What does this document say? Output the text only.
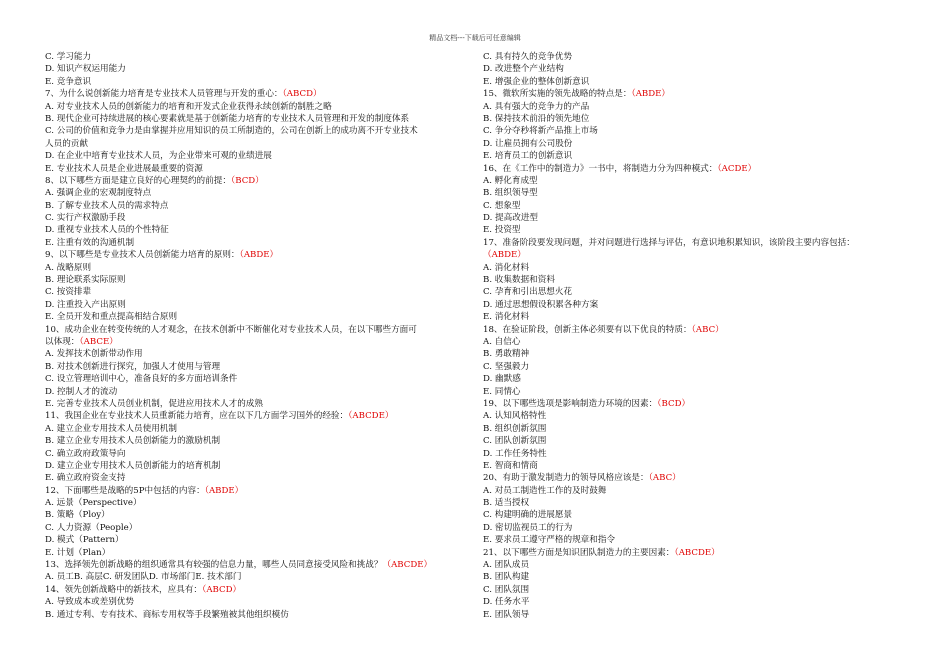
精品文档---下载后可任意编辑
C. 学习能力
D. 知识产权运用能力
E. 竞争意识
7、为什么说创新能力培育是专业技术人员管理与开发的重心：（ABCD）
A. 对专业技术人员的创新能力的培育和开发式企业获得永续创新的制胜之略
B. 现代企业可持续进展的核心要素就是基于创新能力培育的专业技术人员管理和开发的制度体系
C. 公司的价值和竞争力是由掌握并应用知识的员工所制造的，公司在创新上的成功离不开专业技术
人员的贡献
D. 在企业中培育专业技术人员，为企业带来可观的业绩进展
E. 专业技术人员是企业进展最重要的资源
8、以下哪些方面是建立良好的心理契约的前提：（BCD）
A. 强调企业的宏观制度特点
B. 了解专业技术人员的需求特点
C. 实行产权激励手段
D. 重视专业技术人员的个性特征
E. 注重有效的沟通机制
9、以下哪些是专业技术人员创新能力培育的原则：（ABDE）
A. 战略原则
B. 理论联系实际原则
C. 按资排辈
D. 注重投入产出原则
E. 全员开发和重点提高相结合原则
10、成功企业在转变传统的人才观念，在技术创新中不断催化对专业技术人员，在以下哪些方面可
以体现：（ABCE）
A. 发挥技术创新带动作用
B. 对技术创新进行探究，加强人才使用与管理
C. 设立管理培训中心，准备良好的多方面培训条件
D. 控制人才的流动
E. 完善专业技术人员创业机制，促进应用技术人才的成熟
11、我国企业在专业技术人员重新能力培育，应在以下几方面学习国外的经验：（ABCDE）
A. 建立企业专用技术人员使用机制
B. 建立企业专用技术人员创新能力的激励机制
C. 确立政府政策导向
D. 建立企业专用技术人员创新能力的培育机制
E. 确立政府资金支持
12、下面哪些是战略的5P中包括的内容：（ABDE）
A. 远景（Perspective）
B. 策略（Ploy）
C. 人力资源（People）
D. 模式（Pattern）
E. 计划（Plan）
13、选择领先创新战略的组织通常具有较强的信息力量，哪些人员同意接受风险和挑战？（ABCDE）
A. 员工B. 高层C. 研发团队D. 市场部门E. 技术部门
14、领先创新战略中的新技术，应具有：（ABCD）
A. 导致成本或差别优势
B. 通过专利、专有技术、商标专用权等手段繁殖被其他组织模仿
C. 具有持久的竞争优势
D. 改进整个产业结构
E. 增强企业的整体创新意识
15、微软所实施的领先战略的特点是：（ABDE）
A. 具有强大的竞争力的产品
B. 保持技术前沿的领先地位
C. 争分夺秒将新产品推上市场
D. 让雇员拥有公司股份
E. 培育员工的创新意识
16、在《工作中的制造力》一书中，将制造力分为四种模式：（ACDE）
A. 孵化育成型
B. 组织领导型
C. 想象型
D. 提高改进型
E. 投资型
17、准备阶段要发现问题，并对问题进行选择与评估，有意识地积累知识，该阶段主要内容包括：
（ABDE）
A. 消化材料
B. 收集数据和资料
C. 孕育和引出思想火花
D. 通过思想假设积累各种方案
E. 消化材料
18、在验证阶段，创新主体必须要有以下优良的特质：（ABC）
A. 自信心
B. 勇敢精神
C. 坚强毅力
D. 幽默感
E. 同情心
19、以下哪些选项是影响制造力环境的因素：（BCD）
A. 认知风格特性
B. 组织创新氛围
C. 团队创新氛围
D. 工作任务特性
E. 智商和情商
20、有助于激发制造力的领导风格应该是：（ABC）
A. 对员工制造性工作的及时鼓舞
B. 适当授权
C. 构建明确的进展愿景
D. 密切监视员工的行为
E. 要求员工遵守严格的规章和指令
21、以下哪些方面是知识团队制造力的主要因素：（ABCDE）
A. 团队成员
B. 团队构建
C. 团队氛围
D. 任务水平
E. 团队领导
